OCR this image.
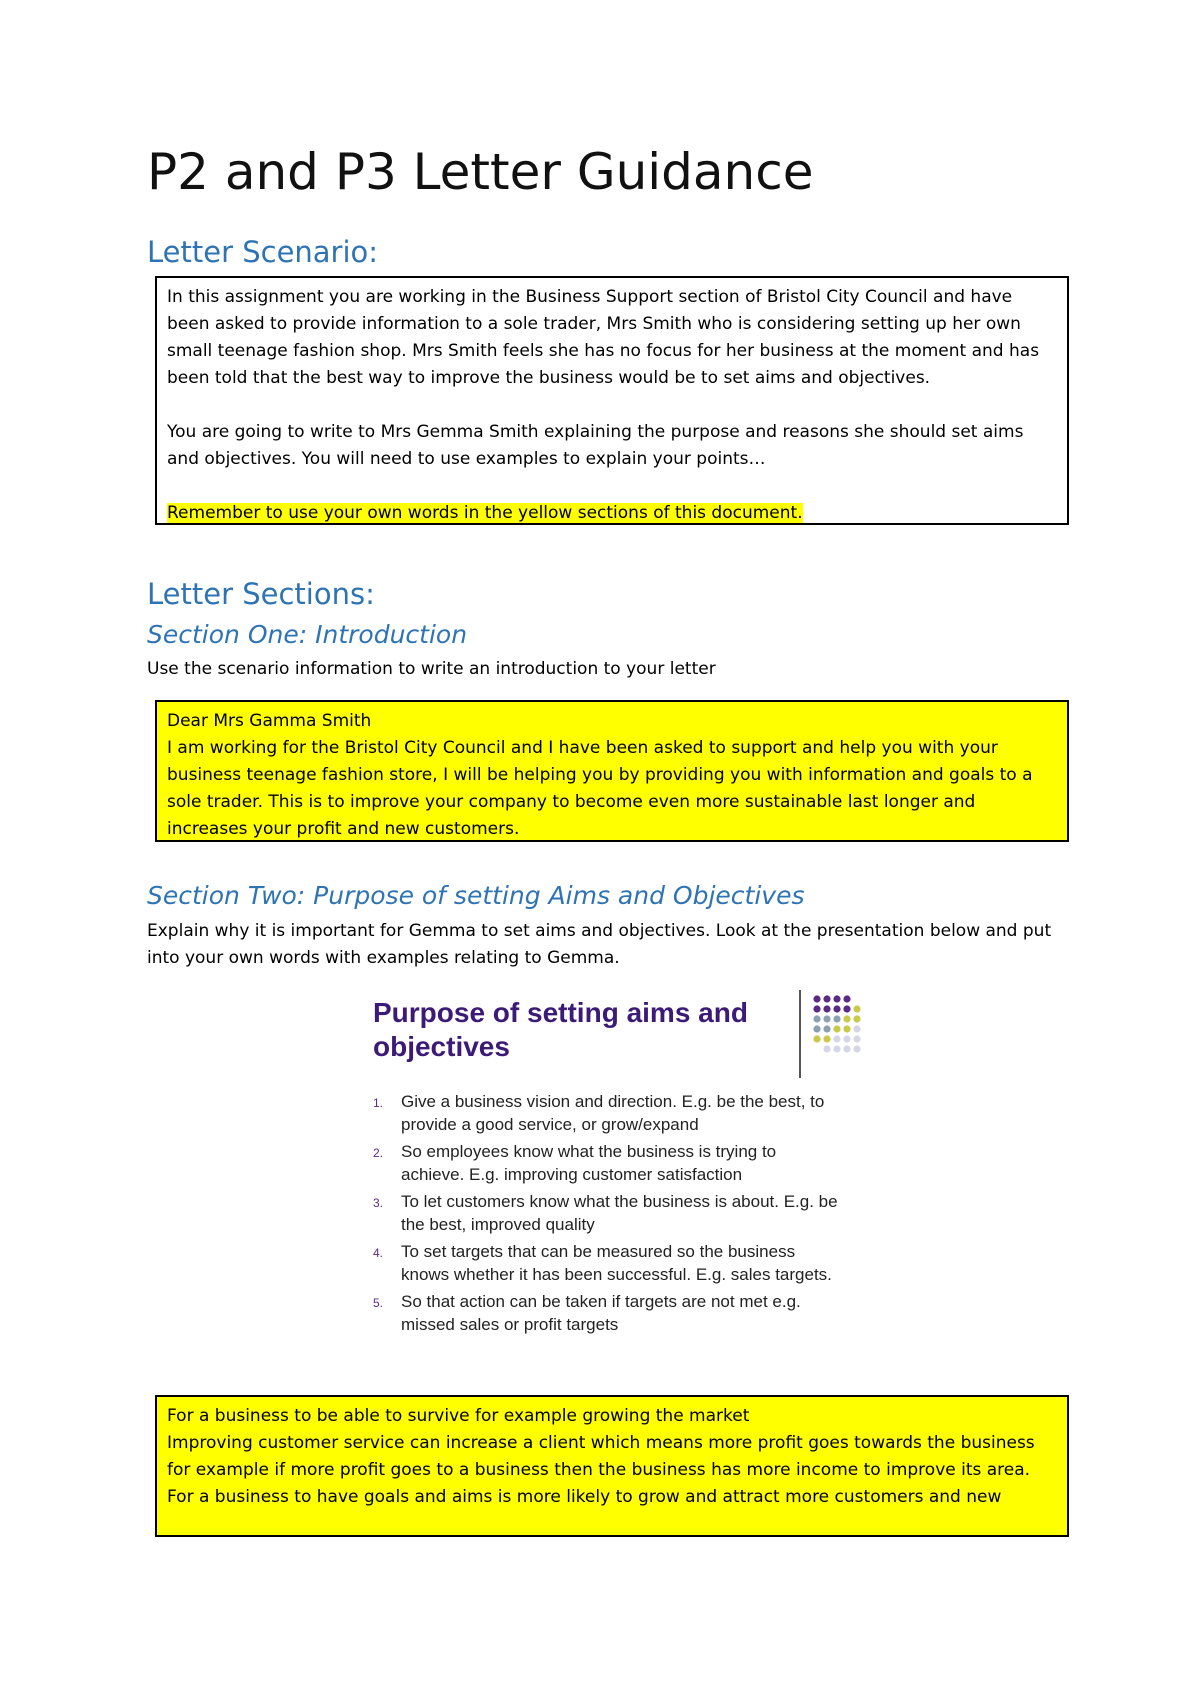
P2 and P3 Letter Guidance
Letter Scenario:

In this assignment you are working in the Business Support section of Bristol City Council and have been asked to provide information to a sole trader, Mrs Smith who is considering setting up her own small teenage fashion shop. Mrs Smith feels she has no focus for her business at the moment and has been told that the best way to improve the business would be to set aims and objectives.

You are going to write to Mrs Gemma Smith explaining the purpose and reasons she should set aims and objectives. You will need to use examples to explain your points…

Remember to use your own words in the yellow sections of this document.

Letter Sections:
Section One: Introduction

Use the scenario information to write an introduction to your letter

Dear Mrs Gamma Smith

I am working for the Bristol City Council and I have been asked to support and help you with your business teenage fashion store, I will be helping you by providing you with information and goals to a sole trader. This is to improve your company to become even more sustainable last longer and increases your profit and new customers.

Section Two: Purpose of setting Aims and Objectives

Explain why it is important for Gemma to set aims and objectives. Look at the presentation below and put into your own words with examples relating to Gemma.

Purpose of setting aims and objectives
1. Give a business vision and direction. E.g. be the best, to provide a good service, or grow/expand
2. So employees know what the business is trying to achieve. E.g. improving customer satisfaction
3. To let customers know what the business is about. E.g. be the best, improved quality
4. To set targets that can be measured so the business knows whether it has been successful. E.g. sales targets.
5. So that action can be taken if targets are not met e.g. missed sales or profit targets

For a business to be able to survive for example growing the market

Improving customer service can increase a client which means more profit goes towards the business for example if more profit goes to a business then the business has more income to improve its area.

For a business to have goals and aims is more likely to grow and attract more customers and new
